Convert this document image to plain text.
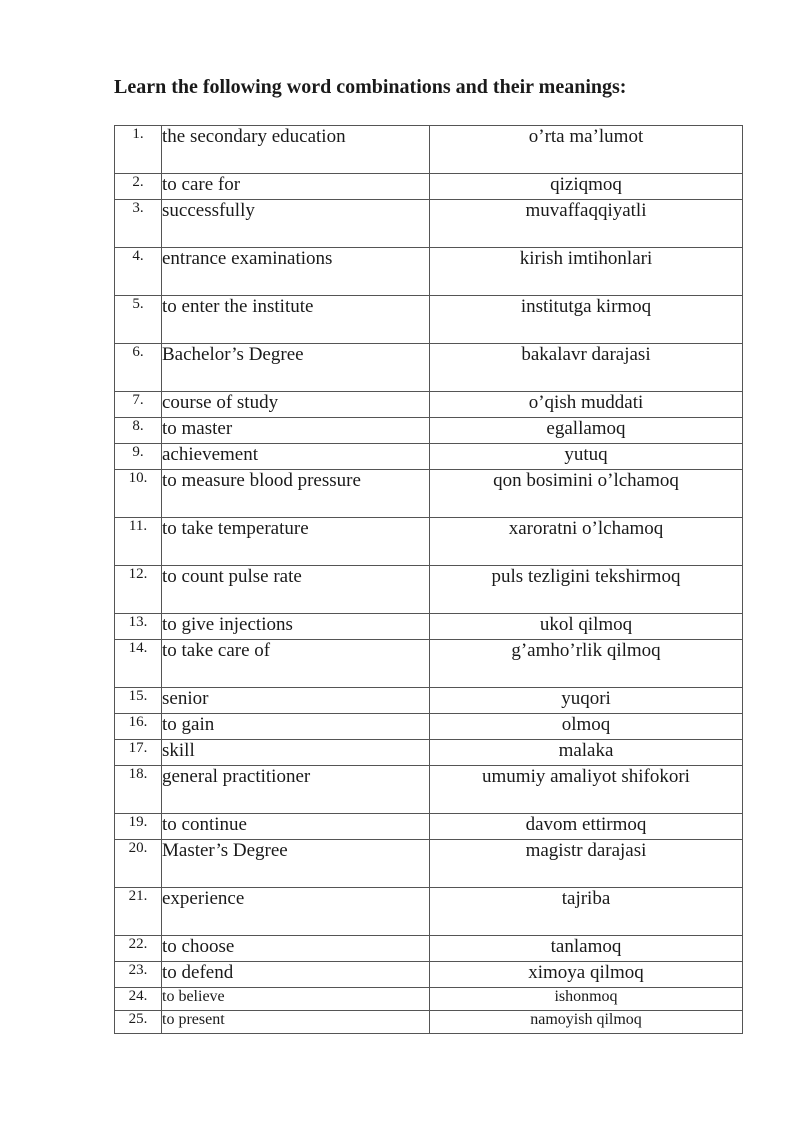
Learn the following word combinations and their meanings:
1.	the secondary education	o’rta ma’lumot
2.	to care for	qiziqmoq
3.	successfully	muvaffaqqiyatli
4.	entrance examinations	kirish imtihonlari
5.	to enter the institute	institutga kirmoq
6.	Bachelor’s Degree	bakalavr darajasi
7.	course of study	o’qish muddati
8.	to master	egallamoq
9.	achievement	yutuq
10.	to measure blood pressure	qon bosimini o’lchamoq
11.	to take temperature	xaroratni o’lchamoq
12.	to count pulse rate	puls tezligini tekshirmoq
13.	to give injections	ukol qilmoq
14.	to take care of	g’amho’rlik qilmoq
15.	senior	yuqori
16.	to gain	olmoq
17.	skill	malaka
18.	general practitioner	umumiy amaliyot shifokori
19.	to continue	davom ettirmoq
20.	Master’s Degree	magistr darajasi
21.	experience	tajriba
22.	to choose	tanlamoq
23.	to defend	ximoya qilmoq
24.	to believe	ishonmoq
25.	to present	namoyish qilmoq
